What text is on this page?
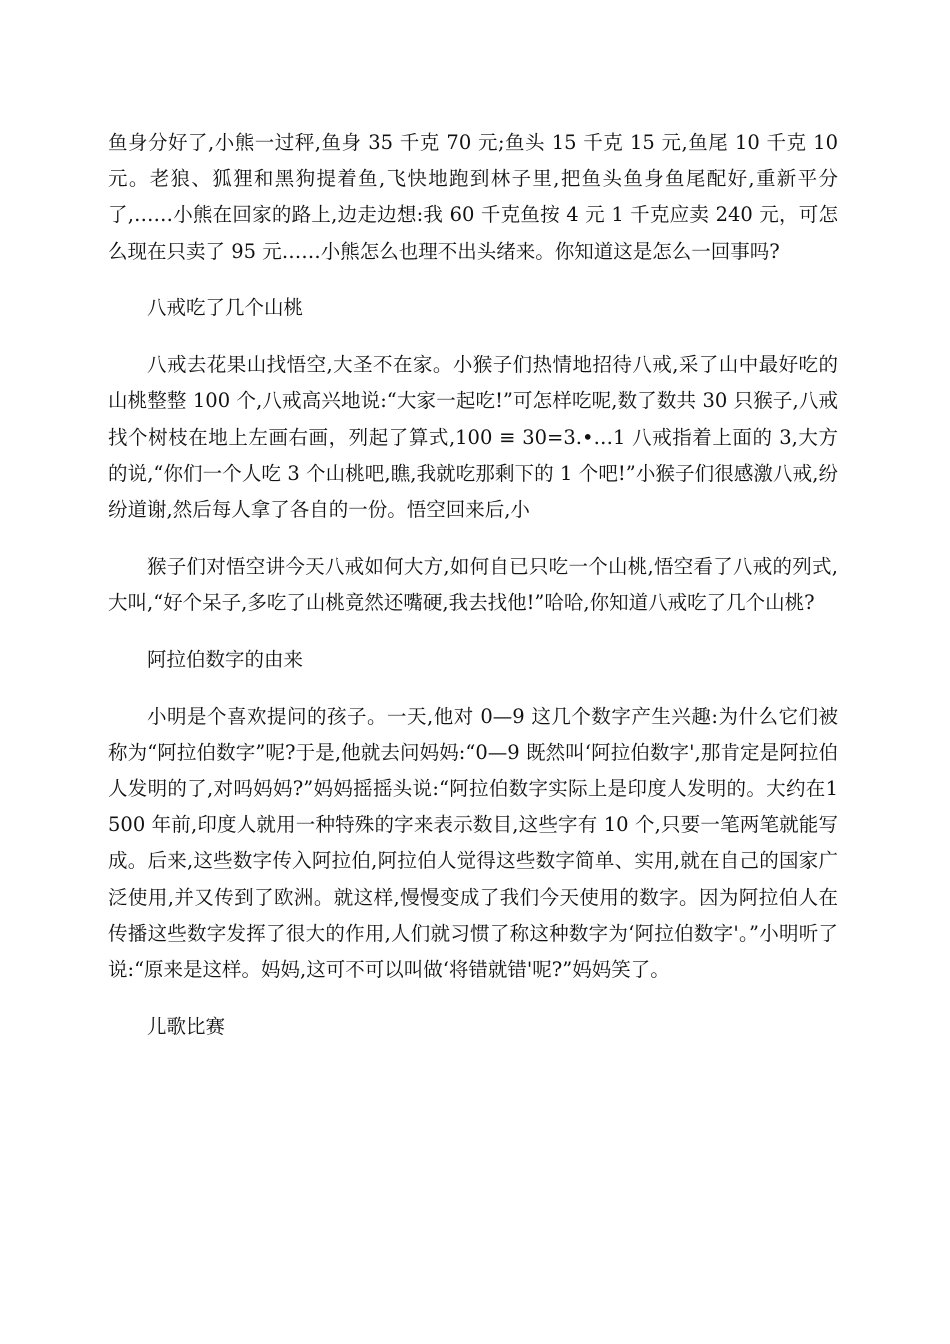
鱼身分好了,小熊一过秤,鱼身 35 千克 70 元;鱼头 15 千克 15 元,鱼尾 10 千克 10 元。老狼、狐狸和黑狗提着鱼,飞快地跑到林子里,把鱼头鱼身鱼尾配好,重新平分了,……小熊在回家的路上,边走边想:我 60 千克鱼按 4 元 1 千克应卖 240 元，可怎么现在只卖了 95 元……小熊怎么也理不出头绪来。你知道这是怎么一回事吗?

八戒吃了几个山桃

八戒去花果山找悟空,大圣不在家。小猴子们热情地招待八戒,采了山中最好吃的山桃整整 100 个,八戒高兴地说:“大家一起吃!”可怎样吃呢,数了数共 30 只猴子,八戒找个树枝在地上左画右画，列起了算式,100 ≡ 30=3.•…1 八戒指着上面的 3,大方的说,“你们一个人吃 3 个山桃吧,瞧,我就吃那剩下的 1 个吧!”小猴子们很感激八戒,纷纷道谢,然后每人拿了各自的一份。悟空回来后,小

猴子们对悟空讲今天八戒如何大方,如何自已只吃一个山桃,悟空看了八戒的列式,大叫,“好个呆子,多吃了山桃竟然还嘴硬,我去找他!”哈哈,你知道八戒吃了几个山桃?

阿拉伯数字的由来

小明是个喜欢提问的孩子。一天,他对 0—9 这几个数字产生兴趣:为什么它们被称为“阿拉伯数字”呢?于是,他就去问妈妈:“0—9 既然叫‘阿拉伯数字',那肯定是阿拉伯人发明的了,对吗妈妈?”妈妈摇摇头说:“阿拉伯数字实际上是印度人发明的。大约在1500 年前,印度人就用一种特殊的字来表示数目,这些字有 10 个,只要一笔两笔就能写成。后来,这些数字传入阿拉伯,阿拉伯人觉得这些数字简单、实用,就在自己的国家广泛使用,并又传到了欧洲。就这样,慢慢变成了我们今天使用的数字。因为阿拉伯人在传播这些数字发挥了很大的作用,人们就习惯了称这种数字为‘阿拉伯数字'。”小明听了说:“原来是这样。妈妈,这可不可以叫做‘将错就错'呢?”妈妈笑了。

儿歌比赛
